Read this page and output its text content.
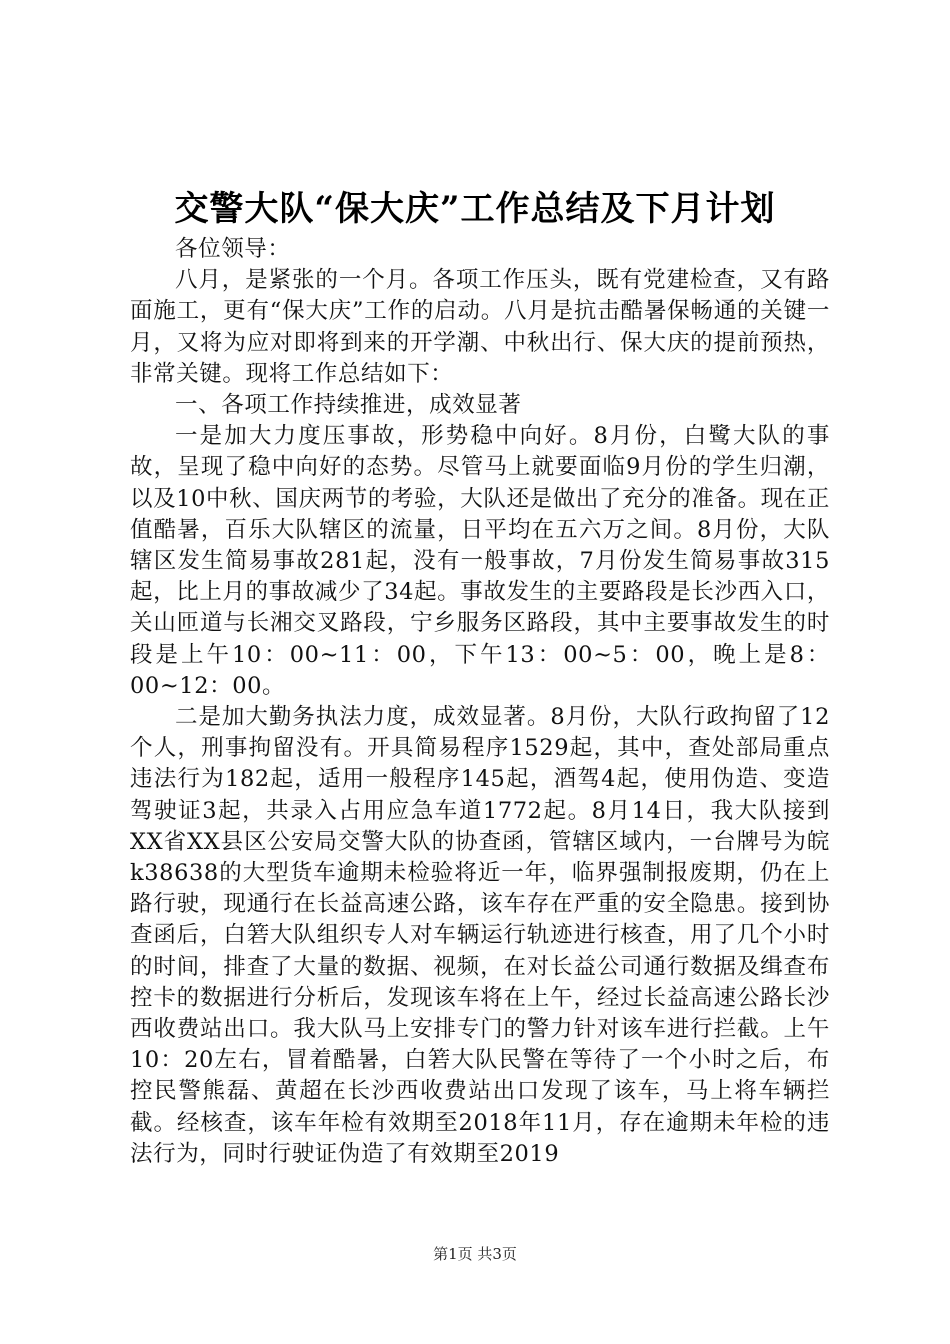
交警大队“保大庆”工作总结及下月计划

各位领导：

八月，是紧张的一个月。各项工作压头，既有党建检查，又有路面施工，更有“保大庆”工作的启动。八月是抗击酷暑保畅通的关键一月，又将为应对即将到来的开学潮、中秋出行、保大庆的提前预热，非常关键。现将工作总结如下：

一、各项工作持续推进，成效显著

一是加大力度压事故，形势稳中向好。8月份，白鹭大队的事故，呈现了稳中向好的态势。尽管马上就要面临9月份的学生归潮，以及10中秋、国庆两节的考验，大队还是做出了充分的准备。现在正值酷暑，百乐大队辖区的流量，日平均在五六万之间。8月份，大队辖区发生简易事故281起，没有一般事故，7月份发生简易事故315起，比上月的事故减少了34起。事故发生的主要路段是长沙西入口，关山匝道与长湘交叉路段，宁乡服务区路段，其中主要事故发生的时段是上午10：00~11：00，下午13：00~5：00，晚上是8：00~12：00。

二是加大勤务执法力度，成效显著。8月份，大队行政拘留了12个人，刑事拘留没有。开具简易程序1529起，其中，查处部局重点违法行为182起，适用一般程序145起，酒驾4起，使用伪造、变造驾驶证3起，共录入占用应急车道1772起。8月14日，我大队接到XX省XX县区公安局交警大队的协查函，管辖区域内，一台牌号为皖k38638的大型货车逾期未检验将近一年，临界强制报废期，仍在上路行驶，现通行在长益高速公路，该车存在严重的安全隐患。接到协查函后，白箬大队组织专人对车辆运行轨迹进行核查，用了几个小时的时间，排查了大量的数据、视频，在对长益公司通行数据及缉查布控卡的数据进行分析后，发现该车将在上午，经过长益高速公路长沙西收费站出口。我大队马上安排专门的警力针对该车进行拦截。上午10：20左右，冒着酷暑，白箬大队民警在等待了一个小时之后，布控民警熊磊、黄超在长沙西收费站出口发现了该车，马上将车辆拦截。经核查，该车年检有效期至2018年11月，存在逾期未年检的违法行为，同时行驶证伪造了有效期至2019

第1页 共3页
